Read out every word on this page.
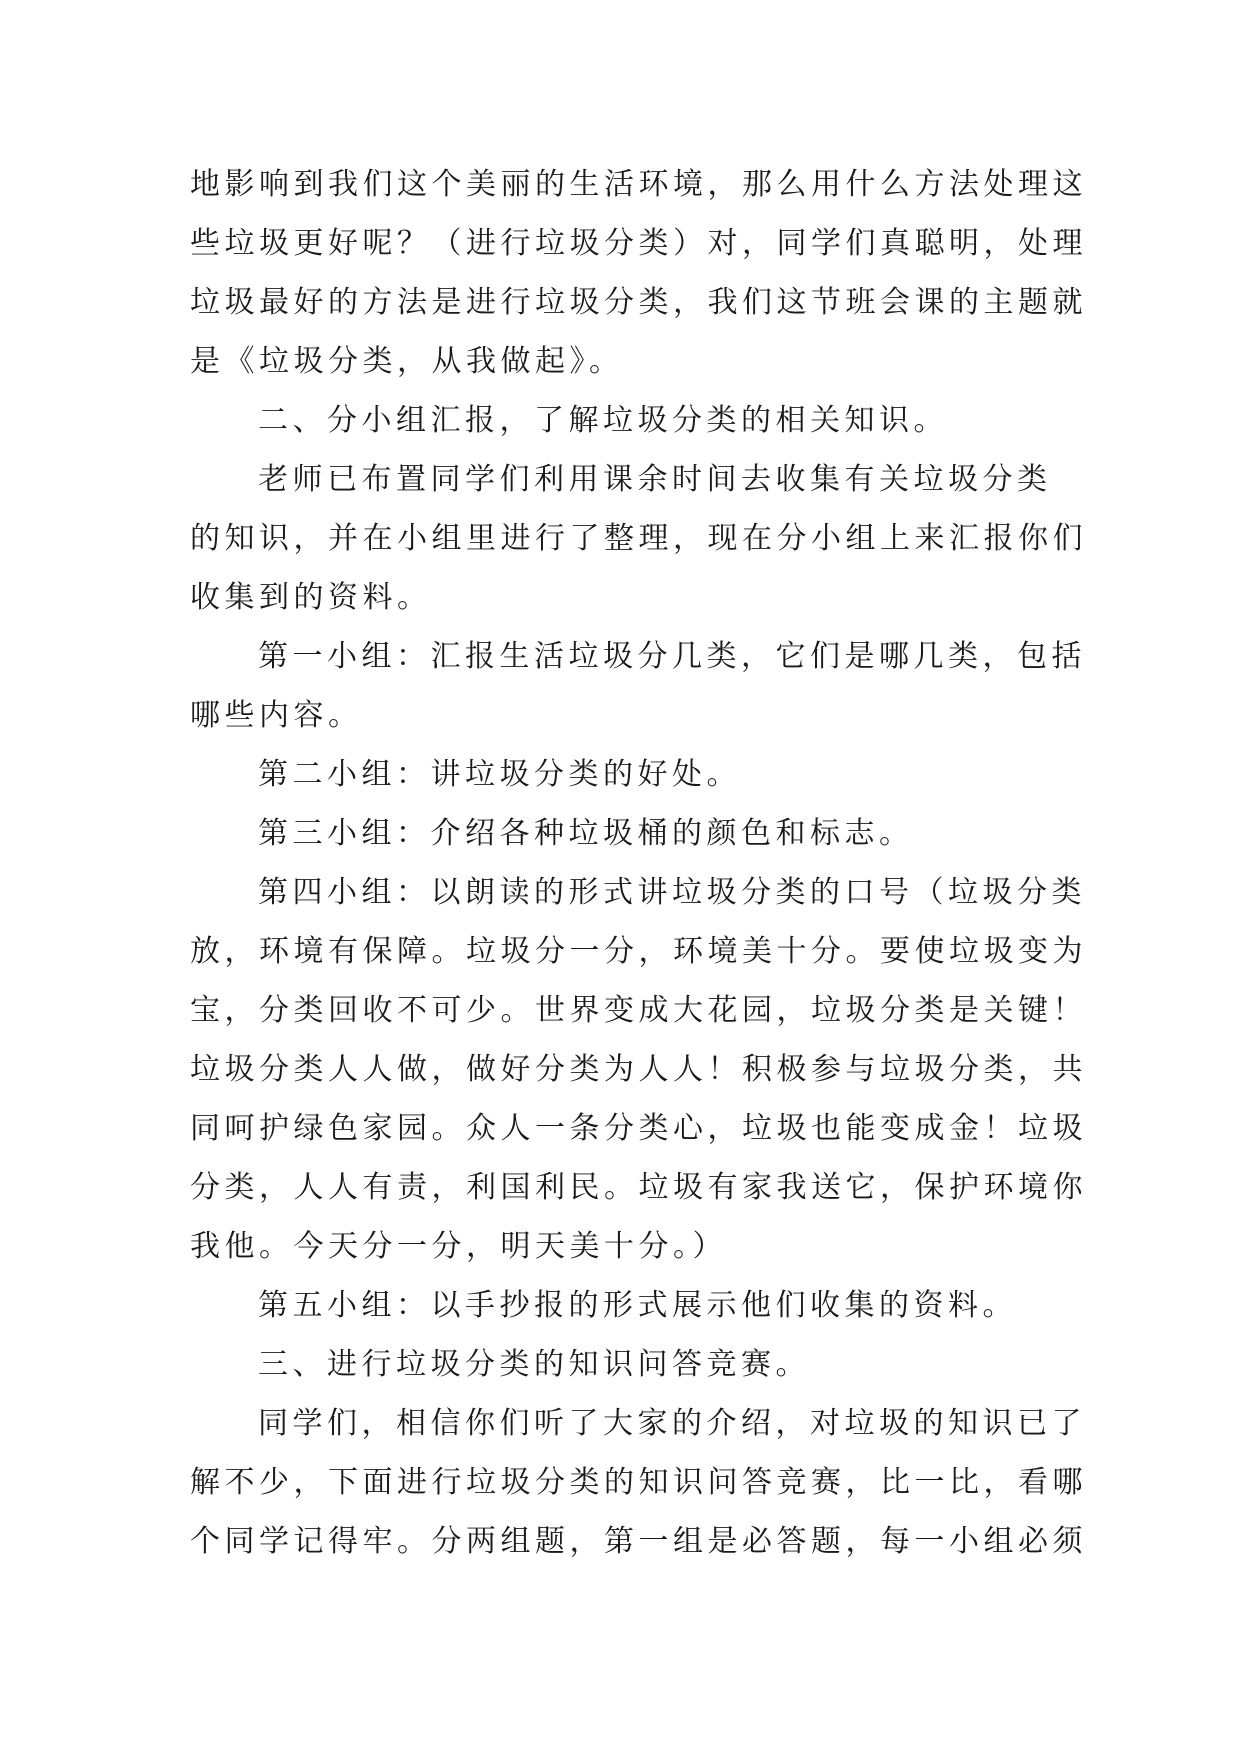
地影响到我们这个美丽的生活环境，那么用什么方法处理这
些垃圾更好呢？（进行垃圾分类）对，同学们真聪明，处理
垃圾最好的方法是进行垃圾分类，我们这节班会课的主题就
是《垃圾分类，从我做起》。
二、分小组汇报，了解垃圾分类的相关知识。
老师已布置同学们利用课余时间去收集有关垃圾分类
的知识，并在小组里进行了整理，现在分小组上来汇报你们
收集到的资料。
第一小组：汇报生活垃圾分几类，它们是哪几类，包括
哪些内容。
第二小组：讲垃圾分类的好处。
第三小组：介绍各种垃圾桶的颜色和标志。
第四小组：以朗读的形式讲垃圾分类的口号（垃圾分类
放，环境有保障。垃圾分一分，环境美十分。要使垃圾变为
宝，分类回收不可少。世界变成大花园，垃圾分类是关键！
垃圾分类人人做，做好分类为人人！积极参与垃圾分类，共
同呵护绿色家园。众人一条分类心，垃圾也能变成金！垃圾
分类，人人有责，利国利民。垃圾有家我送它，保护环境你
我他。今天分一分，明天美十分。）
第五小组：以手抄报的形式展示他们收集的资料。
三、进行垃圾分类的知识问答竞赛。
同学们，相信你们听了大家的介绍，对垃圾的知识已了
解不少，下面进行垃圾分类的知识问答竞赛，比一比，看哪
个同学记得牢。分两组题，第一组是必答题，每一小组必须
